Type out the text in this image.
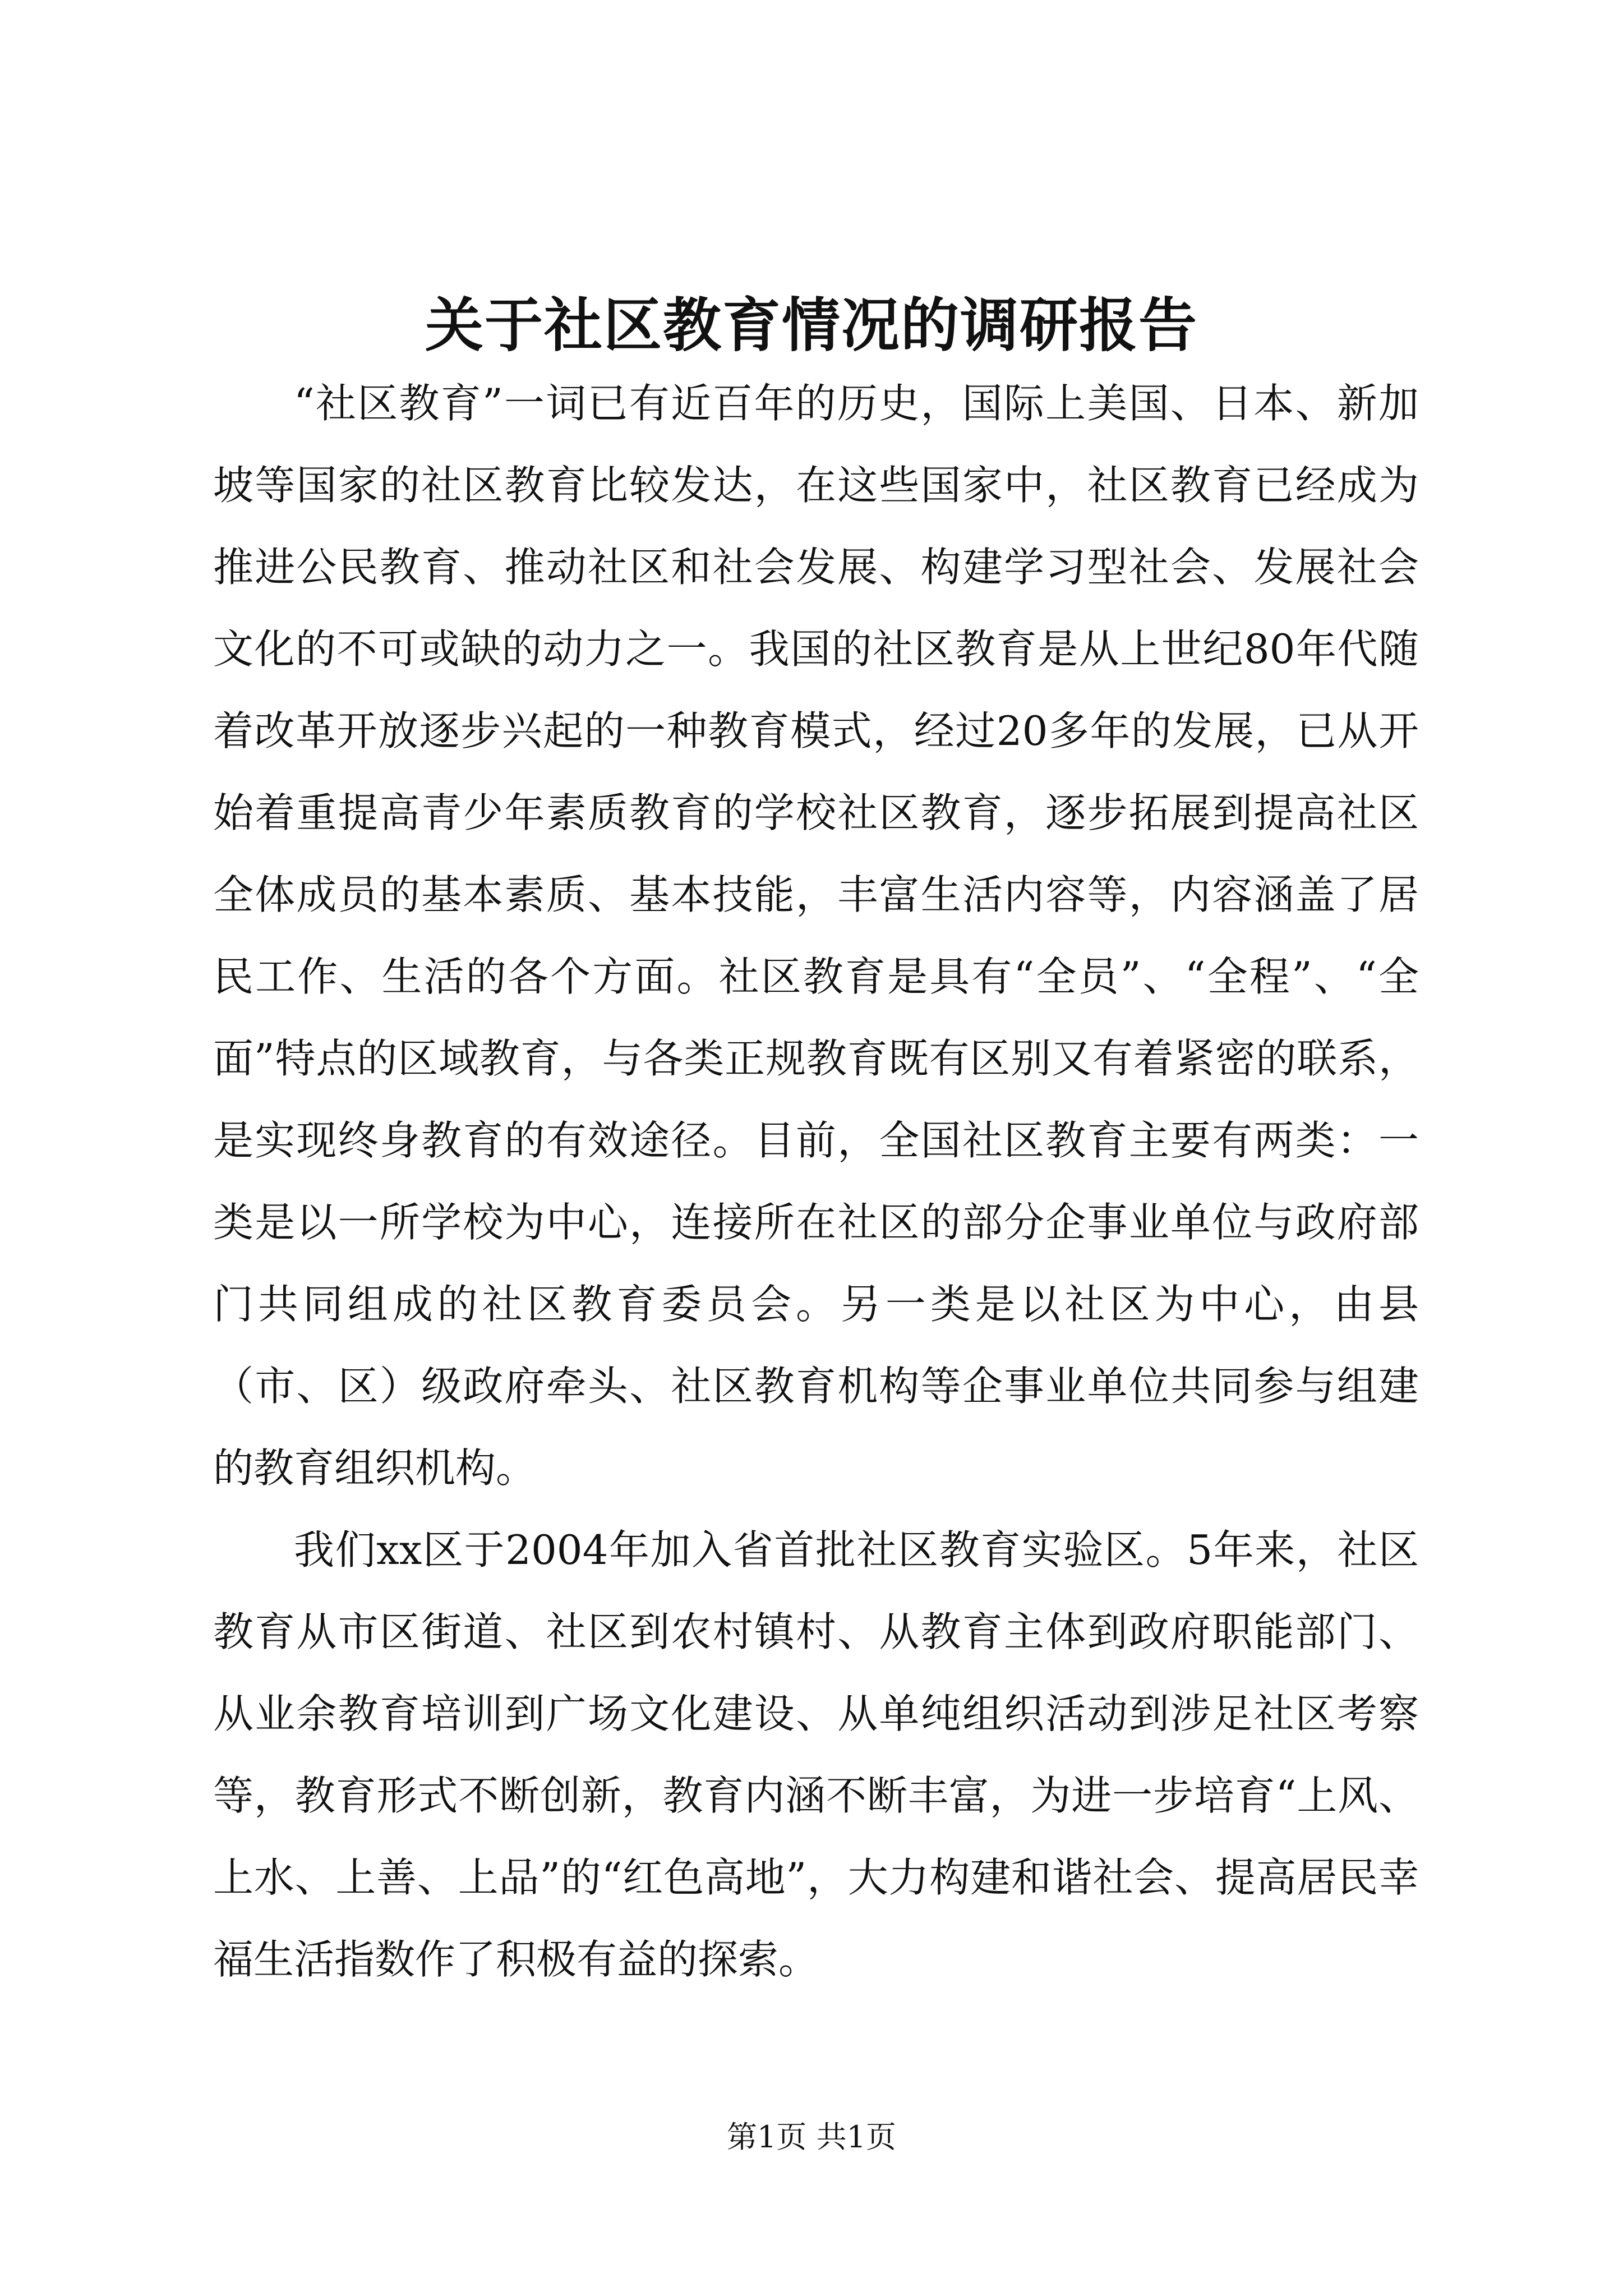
关于社区教育情况的调研报告

“社区教育”一词已有近百年的历史，国际上美国、日本、新加坡等国家的社区教育比较发达，在这些国家中，社区教育已经成为推进公民教育、推动社区和社会发展、构建学习型社会、发展社会文化的不可或缺的动力之一。我国的社区教育是从上世纪80年代随着改革开放逐步兴起的一种教育模式，经过20多年的发展，已从开始着重提高青少年素质教育的学校社区教育，逐步拓展到提高社区全体成员的基本素质、基本技能，丰富生活内容等，内容涵盖了居民工作、生活的各个方面。社区教育是具有“全员”、“全程”、“全面”特点的区域教育，与各类正规教育既有区别又有着紧密的联系，是实现终身教育的有效途径。目前，全国社区教育主要有两类：一类是以一所学校为中心，连接所在社区的部分企事业单位与政府部门共同组成的社区教育委员会。另一类是以社区为中心，由县（市、区）级政府牵头、社区教育机构等企事业单位共同参与组建的教育组织机构。

我们xx区于2004年加入省首批社区教育实验区。5年来，社区教育从市区街道、社区到农村镇村、从教育主体到政府职能部门、从业余教育培训到广场文化建设、从单纯组织活动到涉足社区考察等，教育形式不断创新，教育内涵不断丰富，为进一步培育“上风、上水、上善、上品”的“红色高地”，大力构建和谐社会、提高居民幸福生活指数作了积极有益的探索。

第1页 共1页
